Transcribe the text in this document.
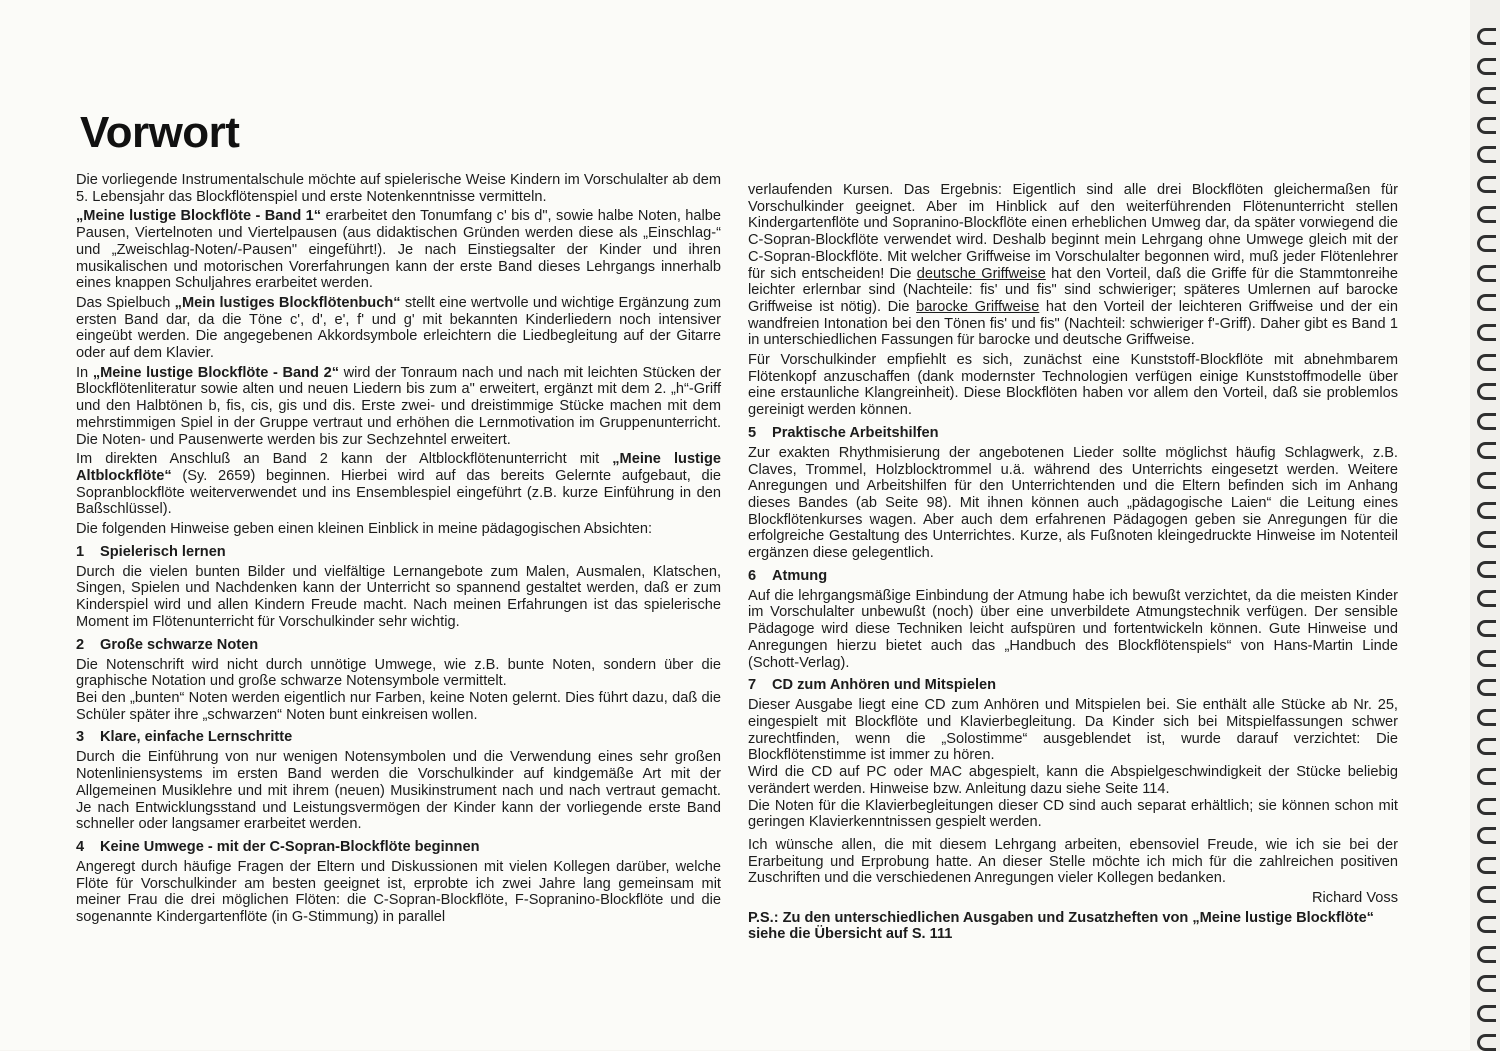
Vorwort

Die vorliegende Instrumentalschule möchte auf spielerische Weise Kindern im Vorschulalter ab dem 5. Lebensjahr das Blockflötenspiel und erste Notenkenntnisse vermitteln.

„Meine lustige Blockflöte - Band 1“ erarbeitet den Tonumfang c' bis d", sowie halbe Noten, halbe Pausen, Viertelnoten und Viertelpausen (aus didaktischen Gründen werden diese als „Einschlag-“ und „Zweischlag-Noten/-Pausen" eingeführt!). Je nach Einstiegsalter der Kinder und ihren musikalischen und motorischen Vorerfahrungen kann der erste Band dieses Lehrgangs innerhalb eines knappen Schuljahres erarbeitet werden.

Das Spielbuch „Mein lustiges Blockflötenbuch“ stellt eine wertvolle und wichtige Ergänzung zum ersten Band dar, da die Töne c', d', e', f' und g' mit bekannten Kinderliedern noch intensiver eingeübt werden. Die angegebenen Akkordsymbole erleichtern die Liedbegleitung auf der Gitarre oder auf dem Klavier.

In „Meine lustige Blockflöte - Band 2“ wird der Tonraum nach und nach mit leichten Stücken der Blockflötenliteratur sowie alten und neuen Liedern bis zum a" erweitert, ergänzt mit dem 2. „h“-Griff und den Halbtönen b, fis, cis, gis und dis. Erste zwei- und dreistimmige Stücke machen mit dem mehrstimmigen Spiel in der Gruppe vertraut und erhöhen die Lernmotivation im Gruppenunterricht. Die Noten- und Pausenwerte werden bis zur Sechzehntel erweitert.

Im direkten Anschluß an Band 2 kann der Altblockflötenunterricht mit „Meine lustige Altblockflöte“ (Sy. 2659) beginnen. Hierbei wird auf das bereits Gelernte aufgebaut, die Sopranblockflöte weiterverwendet und ins Ensemblespiel eingeführt (z.B. kurze Einführung in den Baßschlüssel).

Die folgenden Hinweise geben einen kleinen Einblick in meine pädagogischen Absichten:

1 Spielerisch lernen

Durch die vielen bunten Bilder und vielfältige Lernangebote zum Malen, Ausmalen, Klatschen, Singen, Spielen und Nachdenken kann der Unterricht so spannend gestaltet werden, daß er zum Kinderspiel wird und allen Kindern Freude macht. Nach meinen Erfahrungen ist das spielerische Moment im Flötenunterricht für Vorschulkinder sehr wichtig.

2 Große schwarze Noten

Die Notenschrift wird nicht durch unnötige Umwege, wie z.B. bunte Noten, sondern über die graphische Notation und große schwarze Notensymbole vermittelt.

Bei den „bunten“ Noten werden eigentlich nur Farben, keine Noten gelernt. Dies führt dazu, daß die Schüler später ihre „schwarzen“ Noten bunt einkreisen wollen.

3 Klare, einfache Lernschritte

Durch die Einführung von nur wenigen Notensymbolen und die Verwendung eines sehr großen Notenliniensystems im ersten Band werden die Vorschulkinder auf kindgemäße Art mit der Allgemeinen Musiklehre und mit ihrem (neuen) Musikinstrument nach und nach vertraut gemacht. Je nach Entwicklungsstand und Leistungsvermögen der Kinder kann der vorliegende erste Band schneller oder langsamer erarbeitet werden.

4 Keine Umwege - mit der C-Sopran-Blockflöte beginnen

Angeregt durch häufige Fragen der Eltern und Diskussionen mit vielen Kollegen darüber, welche Flöte für Vorschulkinder am besten geeignet ist, erprobte ich zwei Jahre lang gemeinsam mit meiner Frau die drei möglichen Flöten: die C-Sopran-Blockflöte, F-Sopranino-Blockflöte und die sogenannte Kindergartenflöte (in G-Stimmung) in parallel

verlaufenden Kursen. Das Ergebnis: Eigentlich sind alle drei Blockflöten gleichermaßen für Vorschulkinder geeignet. Aber im Hinblick auf den weiterführenden Flötenunterricht stellen Kindergartenflöte und Sopranino-Blockflöte einen erheblichen Umweg dar, da später vorwiegend die C-Sopran-Blockflöte verwendet wird. Deshalb beginnt mein Lehrgang ohne Umwege gleich mit der C-Sopran-Blockflöte. Mit welcher Griffweise im Vorschulalter begonnen wird, muß jeder Flötenlehrer für sich entscheiden! Die deutsche Griffweise hat den Vorteil, daß die Griffe für die Stammtonreihe leichter erlernbar sind (Nachteile: fis' und fis" sind schwieriger; späteres Umlernen auf barocke Griffweise ist nötig). Die barocke Griffweise hat den Vorteil der leichteren Griffweise und der ein wandfreien Intonation bei den Tönen fis' und fis" (Nachteil: schwieriger f'-Griff). Daher gibt es Band 1 in unterschiedlichen Fassungen für barocke und deutsche Griffweise.

Für Vorschulkinder empfiehlt es sich, zunächst eine Kunststoff-Blockflöte mit abnehmbarem Flötenkopf anzuschaffen (dank modernster Technologien verfügen einige Kunststoffmodelle über eine erstaunliche Klangreinheit). Diese Blockflöten haben vor allem den Vorteil, daß sie problemlos gereinigt werden können.

5 Praktische Arbeitshilfen

Zur exakten Rhythmisierung der angebotenen Lieder sollte möglichst häufig Schlagwerk, z.B. Claves, Trommel, Holzblocktrommel u.ä. während des Unterrichts eingesetzt werden. Weitere Anregungen und Arbeitshilfen für den Unterrichtenden und die Eltern befinden sich im Anhang dieses Bandes (ab Seite 98). Mit ihnen können auch „pädagogische Laien“ die Leitung eines Blockflötenkurses wagen. Aber auch dem erfahrenen Pädagogen geben sie Anregungen für die erfolgreiche Gestaltung des Unterrichtes. Kurze, als Fußnoten kleingedruckte Hinweise im Notenteil ergänzen diese gelegentlich.

6 Atmung

Auf die lehrgangsmäßige Einbindung der Atmung habe ich bewußt verzichtet, da die meisten Kinder im Vorschulalter unbewußt (noch) über eine unverbildete Atmungstechnik verfügen. Der sensible Pädagoge wird diese Techniken leicht aufspüren und fortentwickeln können. Gute Hinweise und Anregungen hierzu bietet auch das „Handbuch des Blockflötenspiels“ von Hans-Martin Linde (Schott-Verlag).

7 CD zum Anhören und Mitspielen

Dieser Ausgabe liegt eine CD zum Anhören und Mitspielen bei. Sie enthält alle Stücke ab Nr. 25, eingespielt mit Blockflöte und Klavierbegleitung. Da Kinder sich bei Mitspielfassungen schwer zurechtfinden, wenn die „Solostimme“ ausgeblendet ist, wurde darauf verzichtet: Die Blockflötenstimme ist immer zu hören.

Wird die CD auf PC oder MAC abgespielt, kann die Abspielgeschwindigkeit der Stücke beliebig verändert werden. Hinweise bzw. Anleitung dazu siehe Seite 114.

Die Noten für die Klavierbegleitungen dieser CD sind auch separat erhältlich; sie können schon mit geringen Klavierkenntnissen gespielt werden.

Ich wünsche allen, die mit diesem Lehrgang arbeiten, ebensoviel Freude, wie ich sie bei der Erarbeitung und Erprobung hatte. An dieser Stelle möchte ich mich für die zahlreichen positiven Zuschriften und die verschiedenen Anregungen vieler Kollegen bedanken.

Richard Voss

P.S.: Zu den unterschiedlichen Ausgaben und Zusatzheften von „Meine lustige Blockflöte“ siehe die Übersicht auf S. 111
